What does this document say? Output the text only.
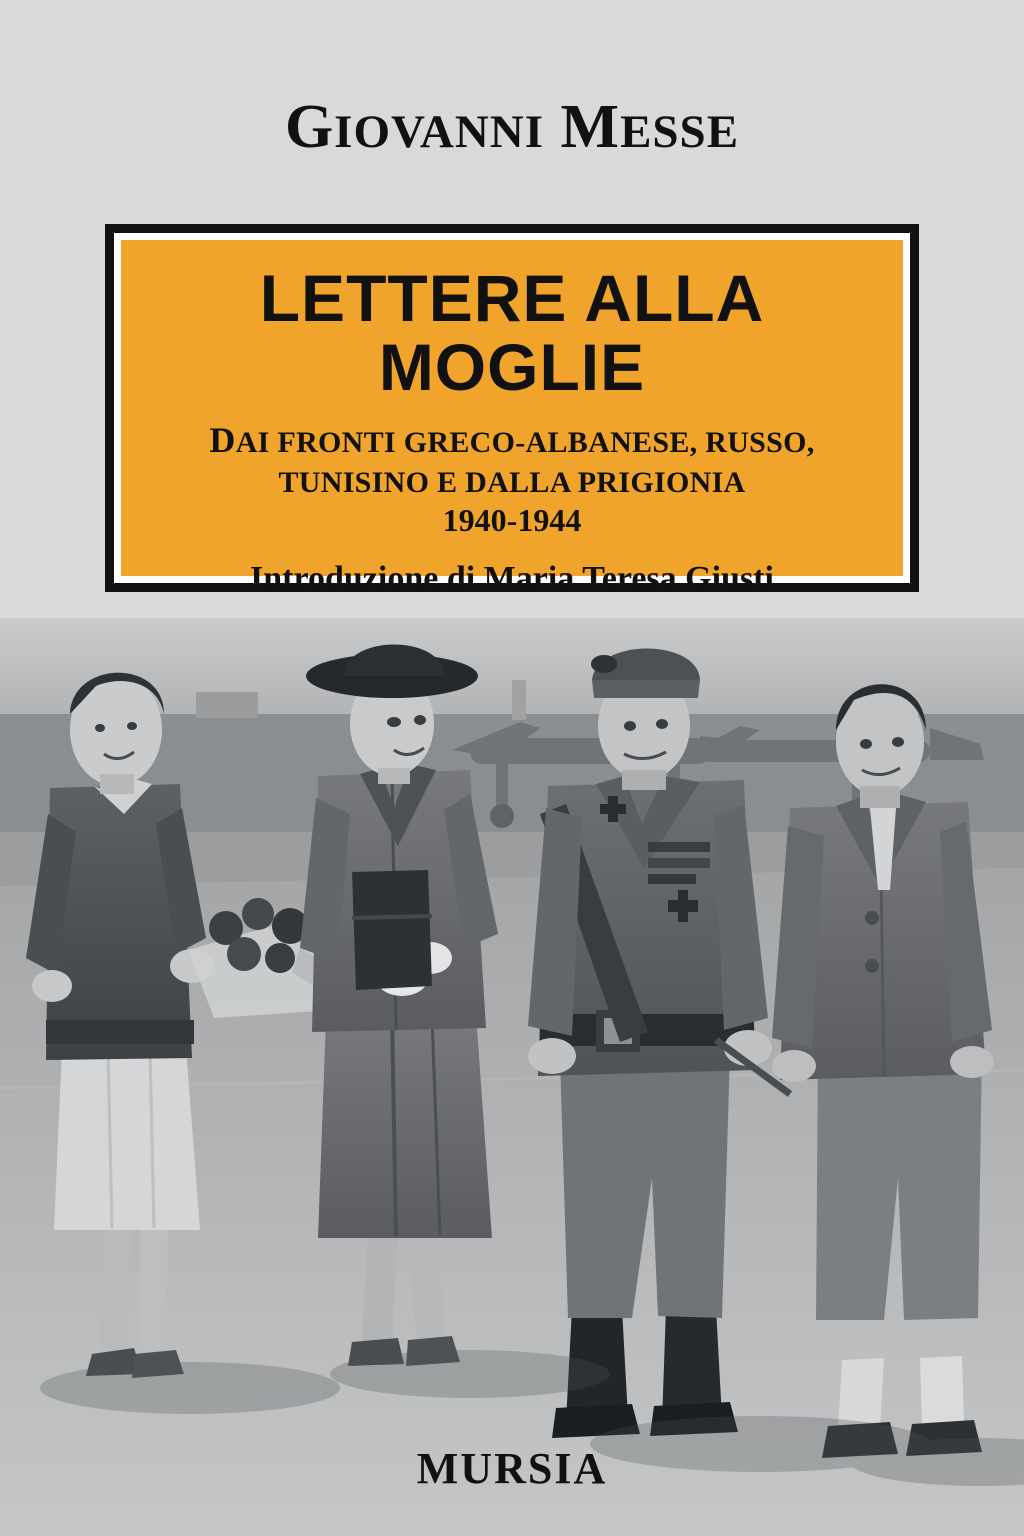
GIOVANNI MESSE
LETTERE ALLA MOGLIE
DAI FRONTI GRECO-ALBANESE, RUSSO,
TUNISINO E DALLA PRIGIONIA
1940-1944
Introduzione di Maria Teresa Giusti
MURSIA
